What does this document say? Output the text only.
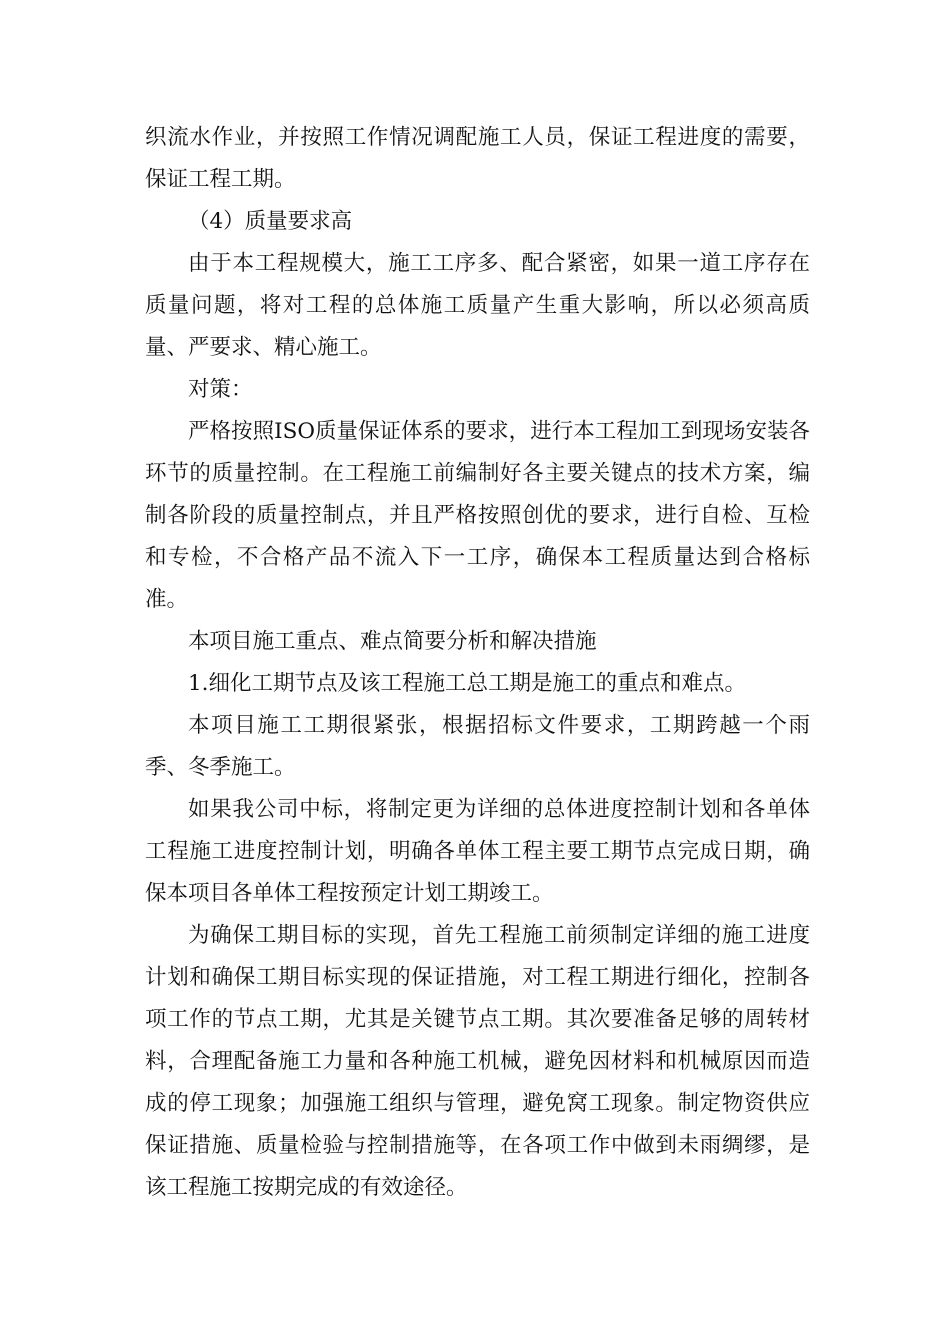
织流水作业，并按照工作情况调配施工人员，保证工程进度的需要，保证工程工期。

（4）质量要求高

由于本工程规模大，施工工序多、配合紧密，如果一道工序存在质量问题，将对工程的总体施工质量产生重大影响，所以必须高质量、严要求、精心施工。

对策：

严格按照ISO质量保证体系的要求，进行本工程加工到现场安装各环节的质量控制。在工程施工前编制好各主要关键点的技术方案，编制各阶段的质量控制点，并且严格按照创优的要求，进行自检、互检和专检，不合格产品不流入下一工序，确保本工程质量达到合格标准。

本项目施工重点、难点简要分析和解决措施

1.细化工期节点及该工程施工总工期是施工的重点和难点。

本项目施工工期很紧张，根据招标文件要求，工期跨越一个雨季、冬季施工。

如果我公司中标，将制定更为详细的总体进度控制计划和各单体工程施工进度控制计划，明确各单体工程主要工期节点完成日期，确保本项目各单体工程按预定计划工期竣工。

为确保工期目标的实现，首先工程施工前须制定详细的施工进度计划和确保工期目标实现的保证措施，对工程工期进行细化，控制各项工作的节点工期，尤其是关键节点工期。其次要准备足够的周转材料，合理配备施工力量和各种施工机械，避免因材料和机械原因而造成的停工现象；加强施工组织与管理，避免窝工现象。制定物资供应保证措施、质量检验与控制措施等，在各项工作中做到未雨绸缪，是该工程施工按期完成的有效途径。
